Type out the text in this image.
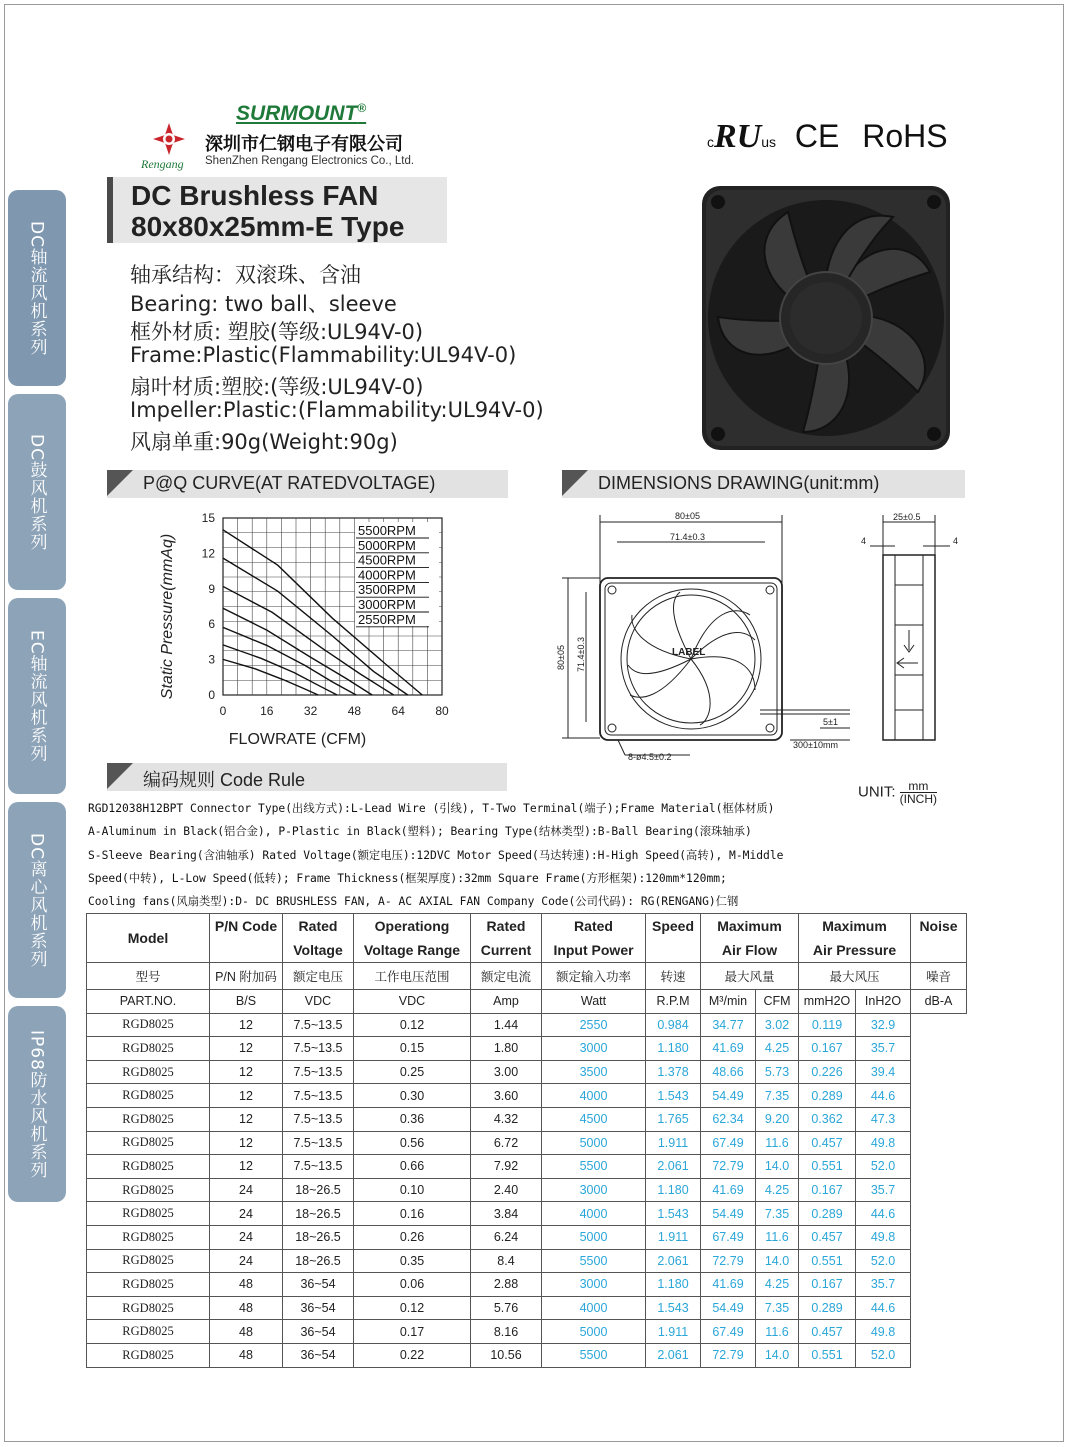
DC轴流风机系列
DC鼓风机系列
EC轴流风机系列
DC离心风机系列
IP68防水风机系列
SURMOUNT®
Rengang
深圳市仁钢电子有限公司
ShenZhen Rengang Electronics Co., Ltd.
cRUus CE RoHS
DC Brushless FAN
80x80x25mm-E Type
轴承结构：双滚珠、含油
Bearing: two ball、sleeve
框外材质: 塑胶(等级:UL94V-0)
Frame:Plastic(Flammability:UL94V-0)
扇叶材质:塑胶:(等级:UL94V-0)
Impeller:Plastic:(Flammability:UL94V-0)
风扇单重:90g(Weight:90g)
P@Q CURVE(AT RATEDVOLTAGE)	DIMENSIONS DRAWING(unit:mm)
编码规则 Code Rule
5500RPM
5000RPM
4500RPM
4000RPM
3500RPM
3000RPM
2550RPM
0	16	32	48	64	80
0
3
6
9
12
15
FLOWRATE (CFM)
Static Pressure(mmAq)
80±05
71.4±0.3
80±05 71.4±0.3	LABEL
8-ø4.5±0.2
300±10mm
5±1
25±0.5
4	4
UNIT:	mm
(INCH)
RGD12038H12BPT Connector Type(出线方式):L-Lead Wire (引线), T-Two Terminal(端子);Frame Material(框体材质)
A-Aluminum in Black(铝合金), P-Plastic in Black(塑料); Bearing Type(结林类型):B-Ball Bearing(滚珠轴承)
S-Sleeve Bearing(含油轴承) Rated Voltage(额定电压):12DVC Motor Speed(马达转速):H-High Speed(高转), M-Middle
Speed(中转), L-Low Speed(低转); Frame Thickness(框架厚度):32mm Square Frame(方形框架):120mm*120mm;
Cooling fans(风扇类型):D- DC BRUSHLESS FAN, A- AC AXIAL FAN Company Code(公司代码): RG(RENGANG)仁钢
Model	P/N Code	Rated	Operationg	Rated	Rated	Speed	Maximum		Maximum		Noise
		Voltage	Voltage Range	Current	Input Power		Air Flow		Air Pressure		
型号	P/N 附加码	额定电压	工作电压范围	额定电流	额定输入功率	转速	最大风量		最大风压		噪音
PART.NO.	B/S	VDC	VDC	Amp	Watt	R.P.M	M³/min	CFM	mmH2O	InH2O	dB-A
RGD8025	12	7.5~13.5	0.12	1.44	2550	0.984	34.77	3.02	0.119	32.9	
RGD8025	12	7.5~13.5	0.15	1.80	3000	1.180	41.69	4.25	0.167	35.7	
RGD8025	12	7.5~13.5	0.25	3.00	3500	1.378	48.66	5.73	0.226	39.4	
RGD8025	12	7.5~13.5	0.30	3.60	4000	1.543	54.49	7.35	0.289	44.6	
RGD8025	12	7.5~13.5	0.36	4.32	4500	1.765	62.34	9.20	0.362	47.3	
RGD8025	12	7.5~13.5	0.56	6.72	5000	1.911	67.49	11.6	0.457	49.8	
RGD8025	12	7.5~13.5	0.66	7.92	5500	2.061	72.79	14.0	0.551	52.0	
RGD8025	24	18~26.5	0.10	2.40	3000	1.180	41.69	4.25	0.167	35.7	
RGD8025	24	18~26.5	0.16	3.84	4000	1.543	54.49	7.35	0.289	44.6	
RGD8025	24	18~26.5	0.26	6.24	5000	1.911	67.49	11.6	0.457	49.8	
RGD8025	24	18~26.5	0.35	8.4	5500	2.061	72.79	14.0	0.551	52.0	
RGD8025	48	36~54	0.06	2.88	3000	1.180	41.69	4.25	0.167	35.7	
RGD8025	48	36~54	0.12	5.76	4000	1.543	54.49	7.35	0.289	44.6	
RGD8025	48	36~54	0.17	8.16	5000	1.911	67.49	11.6	0.457	49.8	
RGD8025	48	36~54	0.22	10.56	5500	2.061	72.79	14.0	0.551	52.0	
